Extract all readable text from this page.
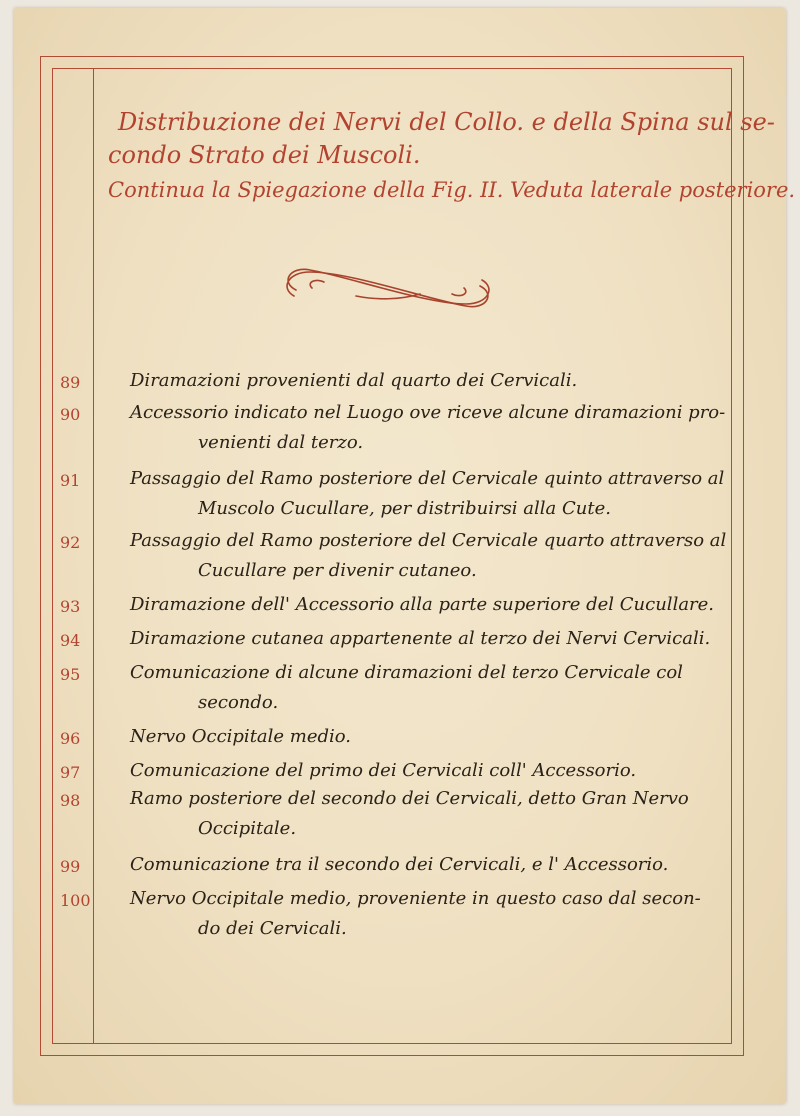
Distribuzione dei Nervi del Collo. e della Spina sul se-

condo Strato dei Muscoli.

Continua la Spiegazione della Fig. II. Veduta laterale posteriore.

89	Diramazioni provenienti dal quarto dei Cervicali.
90	Accessorio indicato nel Luogo ove riceve alcune diramazioni pro-
venienti dal terzo.
91	Passaggio del Ramo posteriore del Cervicale quinto attraverso al
Muscolo Cucullare, per distribuirsi alla Cute.
92	Passaggio del Ramo posteriore del Cervicale quarto attraverso al
Cucullare per divenir cutaneo.
93	Diramazione dell' Accessorio alla parte superiore del Cucullare.
94	Diramazione cutanea appartenente al terzo dei Nervi Cervicali.
95	Comunicazione di alcune diramazioni del terzo Cervicale col
secondo.
96	Nervo Occipitale medio.
97	Comunicazione del primo dei Cervicali coll' Accessorio.
98	Ramo posteriore del secondo dei Cervicali, detto Gran Nervo
Occipitale.
99	Comunicazione tra il secondo dei Cervicali, e l' Accessorio.
100	Nervo Occipitale medio, proveniente in questo caso dal secon-
do dei Cervicali.
